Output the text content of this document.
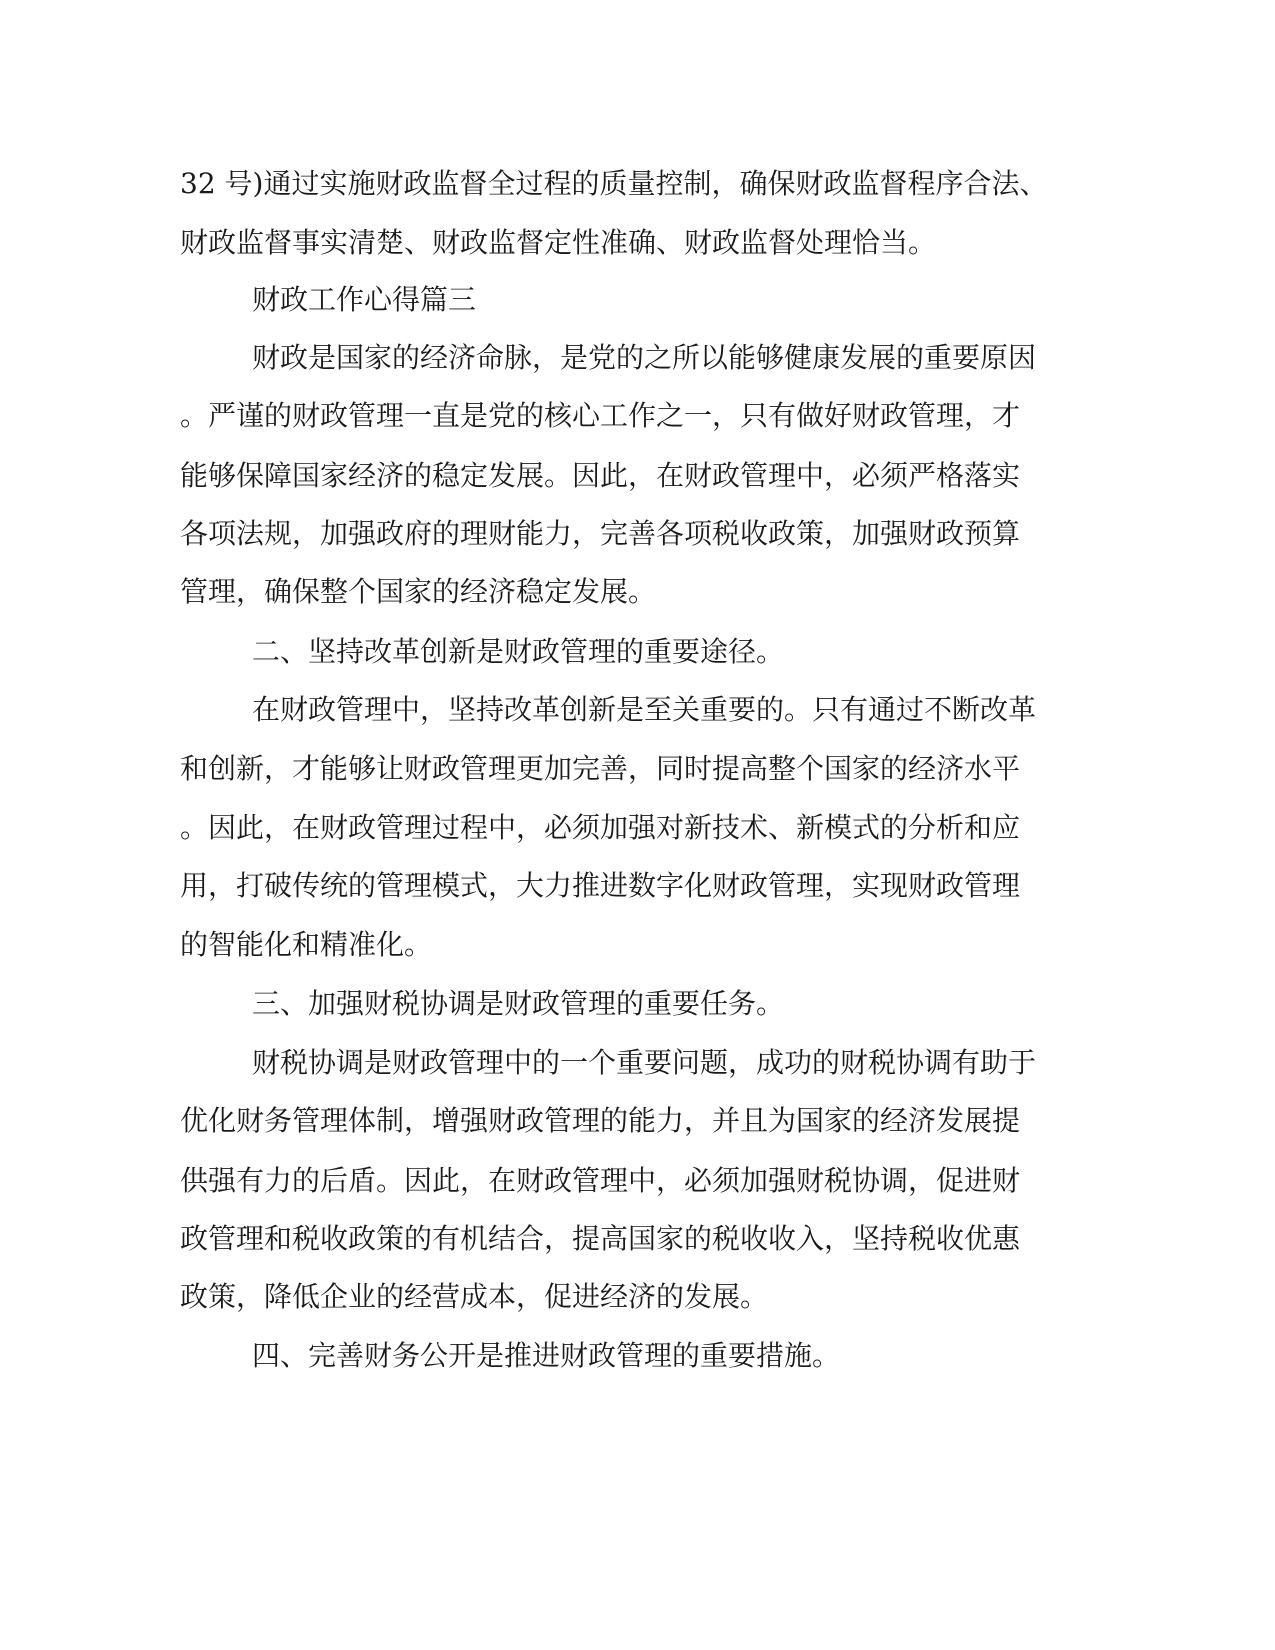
32 号)通过实施财政监督全过程的质量控制，确保财政监督程序合法、
财政监督事实清楚、财政监督定性准确、财政监督处理恰当。
财政工作心得篇三
财政是国家的经济命脉，是党的之所以能够健康发展的重要原因
。严谨的财政管理一直是党的核心工作之一，只有做好财政管理，才
能够保障国家经济的稳定发展。因此，在财政管理中，必须严格落实
各项法规，加强政府的理财能力，完善各项税收政策，加强财政预算
管理，确保整个国家的经济稳定发展。
二、坚持改革创新是财政管理的重要途径。
在财政管理中，坚持改革创新是至关重要的。只有通过不断改革
和创新，才能够让财政管理更加完善，同时提高整个国家的经济水平
。因此，在财政管理过程中，必须加强对新技术、新模式的分析和应
用，打破传统的管理模式，大力推进数字化财政管理，实现财政管理
的智能化和精准化。
三、加强财税协调是财政管理的重要任务。
财税协调是财政管理中的一个重要问题，成功的财税协调有助于
优化财务管理体制，增强财政管理的能力，并且为国家的经济发展提
供强有力的后盾。因此，在财政管理中，必须加强财税协调，促进财
政管理和税收政策的有机结合，提高国家的税收收入，坚持税收优惠
政策，降低企业的经营成本，促进经济的发展。
四、完善财务公开是推进财政管理的重要措施。
